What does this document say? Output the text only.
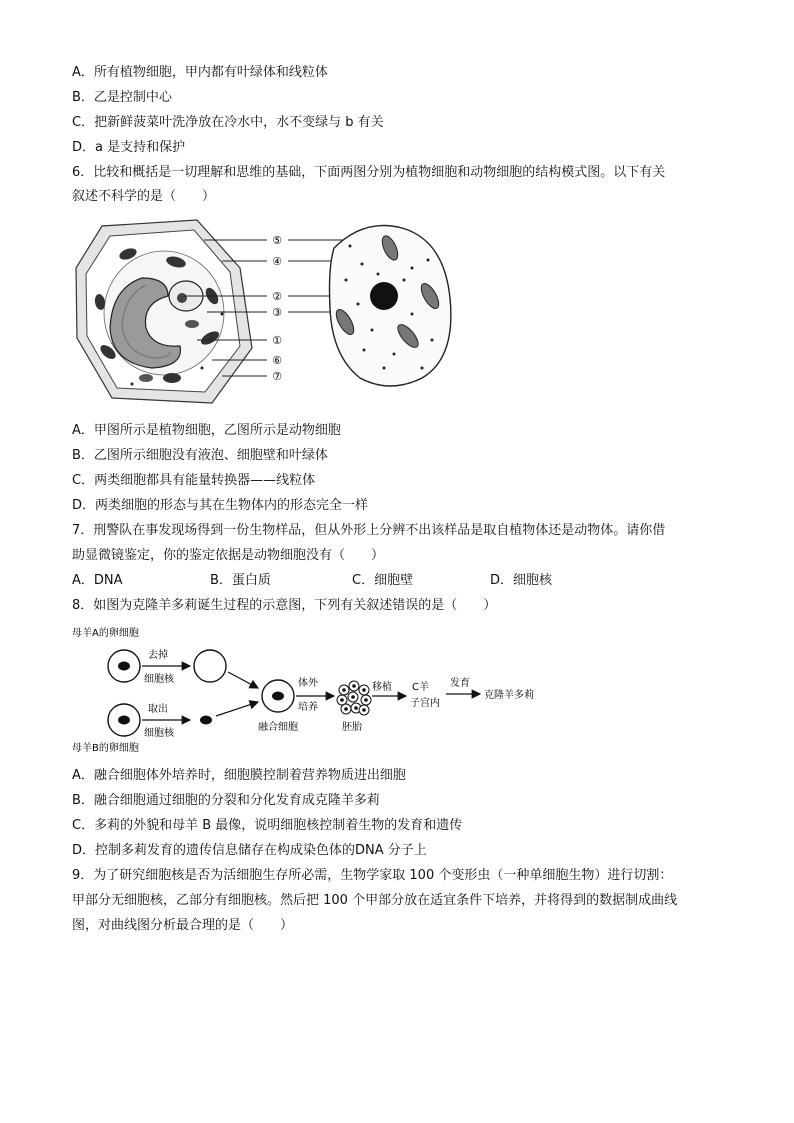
A．所有植物细胞，甲内都有叶绿体和线粒体
B．乙是控制中心
C．把新鲜菠菜叶洗净放在冷水中，水不变绿与 b 有关
D．a 是支持和保护
6．比较和概括是一切理解和思维的基础，下面两图分别为植物细胞和动物细胞的结构模式图。以下有关
叙述不科学的是（　　）
⑤
④
②
③
①
⑥
⑦
A．甲图所示是植物细胞，乙图所示是动物细胞
B．乙图所示细胞没有液泡、细胞壁和叶绿体
C．两类细胞都具有能量转换器——线粒体
D．两类细胞的形态与其在生物体内的形态完全一样
7．刑警队在事发现场得到一份生物样品，但从外形上分辨不出该样品是取自植物体还是动物体。请你借
助显微镜鉴定，你的鉴定依据是动物细胞没有（　　）
A．DNA	B．蛋白质	C．细胞壁	D．细胞核
8．如图为克隆羊多莉诞生过程的示意图，下列有关叙述错误的是（　　）
母羊A的卵细胞
去掉
细胞核
取出
细胞核
母羊B的卵细胞
融合细胞
体外
培养
胚胎
移植 C羊
子宫内
发育
克隆羊多莉
A．融合细胞体外培养时，细胞膜控制着营养物质进出细胞
B．融合细胞通过细胞的分裂和分化发育成克隆羊多莉
C．多莉的外貌和母羊 B 最像，说明细胞核控制着生物的发育和遗传
D．控制多莉发育的遗传信息储存在构成染色体的DNA 分子上
9．为了研究细胞核是否为活细胞生存所必需，生物学家取 100 个变形虫（一种单细胞生物）进行切割：
甲部分无细胞核，乙部分有细胞核。然后把 100 个甲部分放在适宜条件下培养，并将得到的数据制成曲线
图，对曲线图分析最合理的是（　　）
